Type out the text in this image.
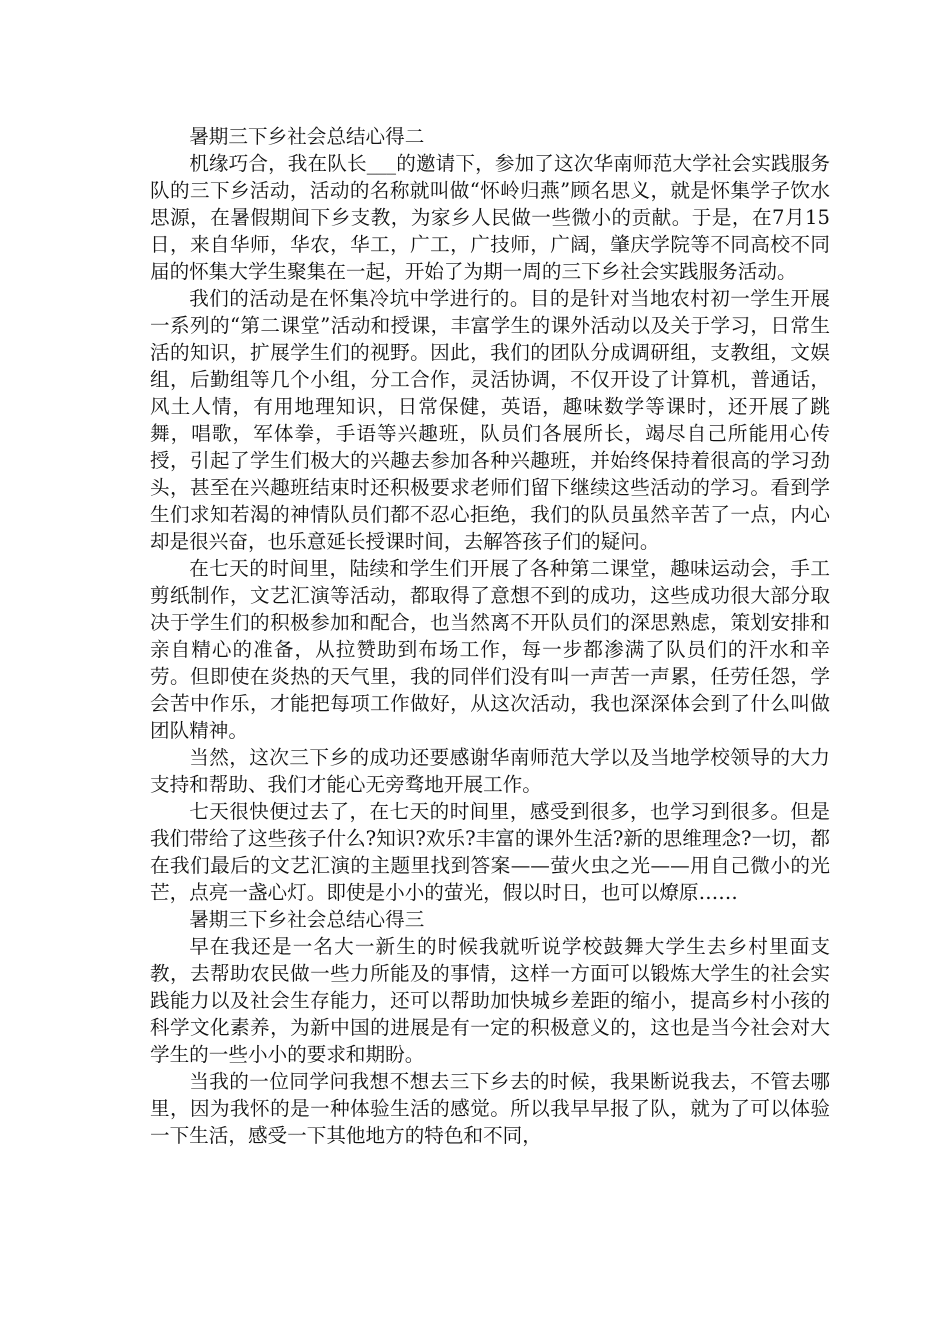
暑期三下乡社会总结心得二

机缘巧合，我在队长___的邀请下，参加了这次华南师范大学社会实践服务队的三下乡活动，活动的名称就叫做“怀岭归燕”顾名思义，就是怀集学子饮水思源，在暑假期间下乡支教，为家乡人民做一些微小的贡献。于是，在7月15日，来自华师，华农，华工，广工，广技师，广阔，肇庆学院等不同高校不同届的怀集大学生聚集在一起，开始了为期一周的三下乡社会实践服务活动。

我们的活动是在怀集冷坑中学进行的。目的是针对当地农村初一学生开展一系列的“第二课堂”活动和授课，丰富学生的课外活动以及关于学习，日常生活的知识，扩展学生们的视野。因此，我们的团队分成调研组，支教组，文娱组，后勤组等几个小组，分工合作，灵活协调，不仅开设了计算机，普通话，风土人情，有用地理知识，日常保健，英语，趣味数学等课时，还开展了跳舞，唱歌，军体拳，手语等兴趣班，队员们各展所长，竭尽自己所能用心传授，引起了学生们极大的兴趣去参加各种兴趣班，并始终保持着很高的学习劲头，甚至在兴趣班结束时还积极要求老师们留下继续这些活动的学习。看到学生们求知若渴的神情队员们都不忍心拒绝，我们的队员虽然辛苦了一点，内心却是很兴奋，也乐意延长授课时间，去解答孩子们的疑问。

在七天的时间里，陆续和学生们开展了各种第二课堂，趣味运动会，手工剪纸制作，文艺汇演等活动，都取得了意想不到的成功，这些成功很大部分取决于学生们的积极参加和配合，也当然离不开队员们的深思熟虑，策划安排和亲自精心的准备，从拉赞助到布场工作，每一步都渗满了队员们的汗水和辛劳。但即使在炎热的天气里，我的同伴们没有叫一声苦一声累，任劳任怨，学会苦中作乐，才能把每项工作做好，从这次活动，我也深深体会到了什么叫做团队精神。

当然，这次三下乡的成功还要感谢华南师范大学以及当地学校领导的大力支持和帮助、我们才能心无旁骛地开展工作。

七天很快便过去了，在七天的时间里，感受到很多，也学习到很多。但是我们带给了这些孩子什么?知识?欢乐?丰富的课外生活?新的思维理念?一切，都在我们最后的文艺汇演的主题里找到答案——萤火虫之光——用自己微小的光芒，点亮一盏心灯。即使是小小的萤光，假以时日，也可以燎原……

暑期三下乡社会总结心得三

早在我还是一名大一新生的时候我就听说学校鼓舞大学生去乡村里面支教，去帮助农民做一些力所能及的事情，这样一方面可以锻炼大学生的社会实践能力以及社会生存能力，还可以帮助加快城乡差距的缩小，提高乡村小孩的科学文化素养，为新中国的进展是有一定的积极意义的，这也是当今社会对大学生的一些小小的要求和期盼。

当我的一位同学问我想不想去三下乡去的时候，我果断说我去，不管去哪里，因为我怀的是一种体验生活的感觉。所以我早早报了队，就为了可以体验一下生活，感受一下其他地方的特色和不同，
